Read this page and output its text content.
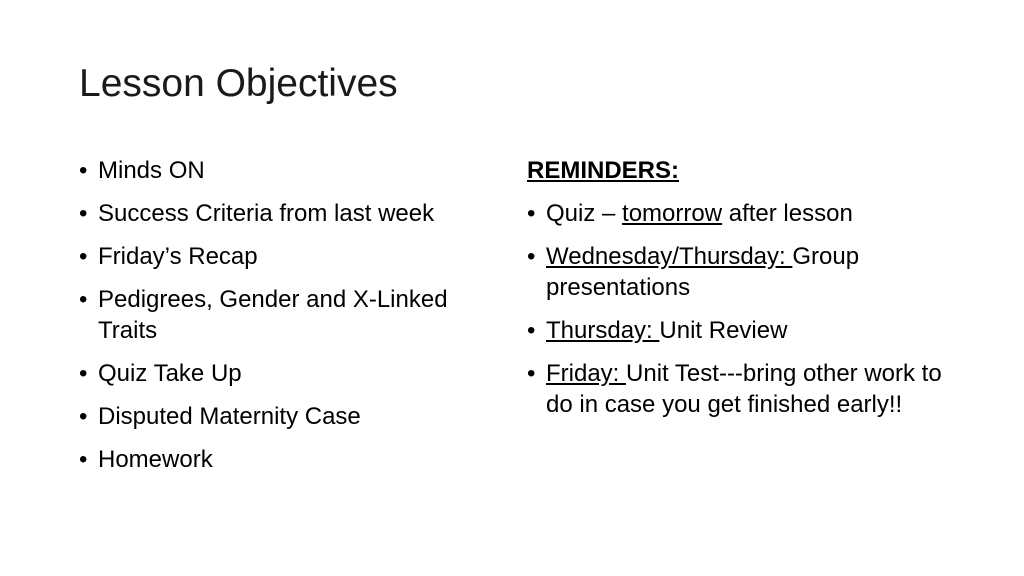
Lesson Objectives
• Minds ON
• Success Criteria from last week
• Friday’s Recap
• Pedigrees, Gender and X-Linked Traits
• Quiz Take Up
• Disputed Maternity Case
• Homework
REMINDERS:
• Quiz – tomorrow after lesson
• Wednesday/Thursday: Group presentations
• Thursday: Unit Review
• Friday: Unit Test---bring other work to do in case you get finished early!!
